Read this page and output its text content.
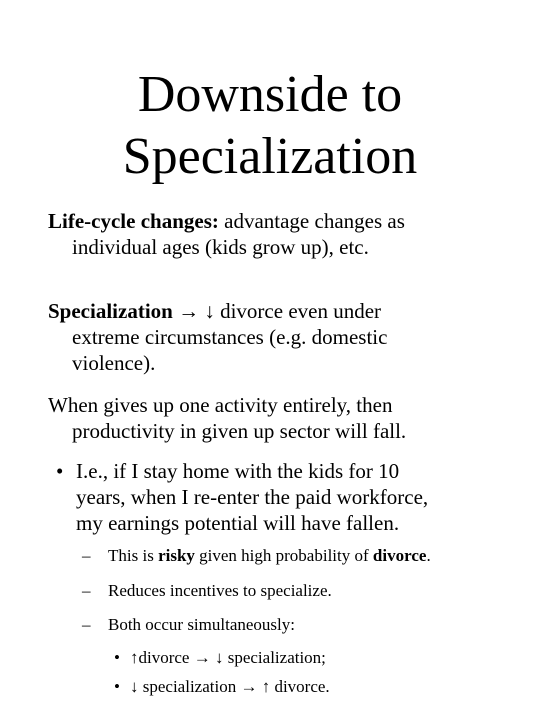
Downside to
Specialization
Life-cycle changes: advantage changes as
individual ages (kids grow up), etc.
Specialization → ↓ divorce even under
extreme circumstances (e.g. domestic
violence).
When gives up one activity entirely, then
productivity in given up sector will fall.
• I.e., if I stay home with the kids for 10
years, when I re-enter the paid workforce,
my earnings potential will have fallen.
– This is risky given high probability of divorce.
– Reduces incentives to specialize.
– Both occur simultaneously:
• ↑divorce → ↓ specialization;
• ↓ specialization → ↑ divorce.
